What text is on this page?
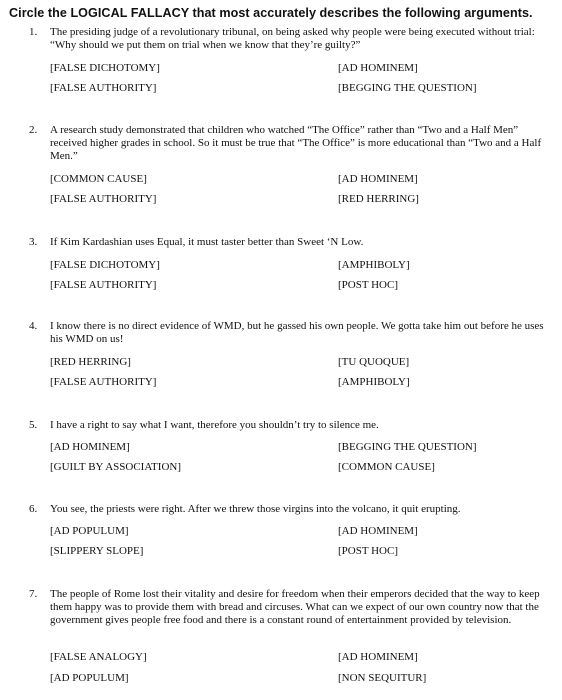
Circle the LOGICAL FALLACY that most accurately describes the following arguments.
1. The presiding judge of a revolutionary tribunal, on being asked why people were being executed without trial: “Why should we put them on trial when we know that they’re guilty?”
[FALSE DICHOTOMY]	[AD HOMINEM]
[FALSE AUTHORITY]	[BEGGING THE QUESTION]
2. A research study demonstrated that children who watched “The Office” rather than “Two and a Half Men” received higher grades in school. So it must be true that “The Office” is more educational than “Two and a Half Men.”
[COMMON CAUSE]	[AD HOMINEM]
[FALSE AUTHORITY]	[RED HERRING]
3. If Kim Kardashian uses Equal, it must taster better than Sweet ‘N Low.
[FALSE DICHOTOMY]	[AMPHIBOLY]
[FALSE AUTHORITY]	[POST HOC]
4. I know there is no direct evidence of WMD, but he gassed his own people. We gotta take him out before he uses his WMD on us!
[RED HERRING]	[TU QUOQUE]
[FALSE AUTHORITY]	[AMPHIBOLY]
5. I have a right to say what I want, therefore you shouldn’t try to silence me.
[AD HOMINEM]	[BEGGING THE QUESTION]
[GUILT BY ASSOCIATION]	[COMMON CAUSE]
6. You see, the priests were right. After we threw those virgins into the volcano, it quit erupting.
[AD POPULUM]	[AD HOMINEM]
[SLIPPERY SLOPE]	[POST HOC]
7. The people of Rome lost their vitality and desire for freedom when their emperors decided that the way to keep them happy was to provide them with bread and circuses. What can we expect of our own country now that the government gives people free food and there is a constant round of entertainment provided by television.
[FALSE ANALOGY]	[AD HOMINEM]
[AD POPULUM]	[NON SEQUITUR]
